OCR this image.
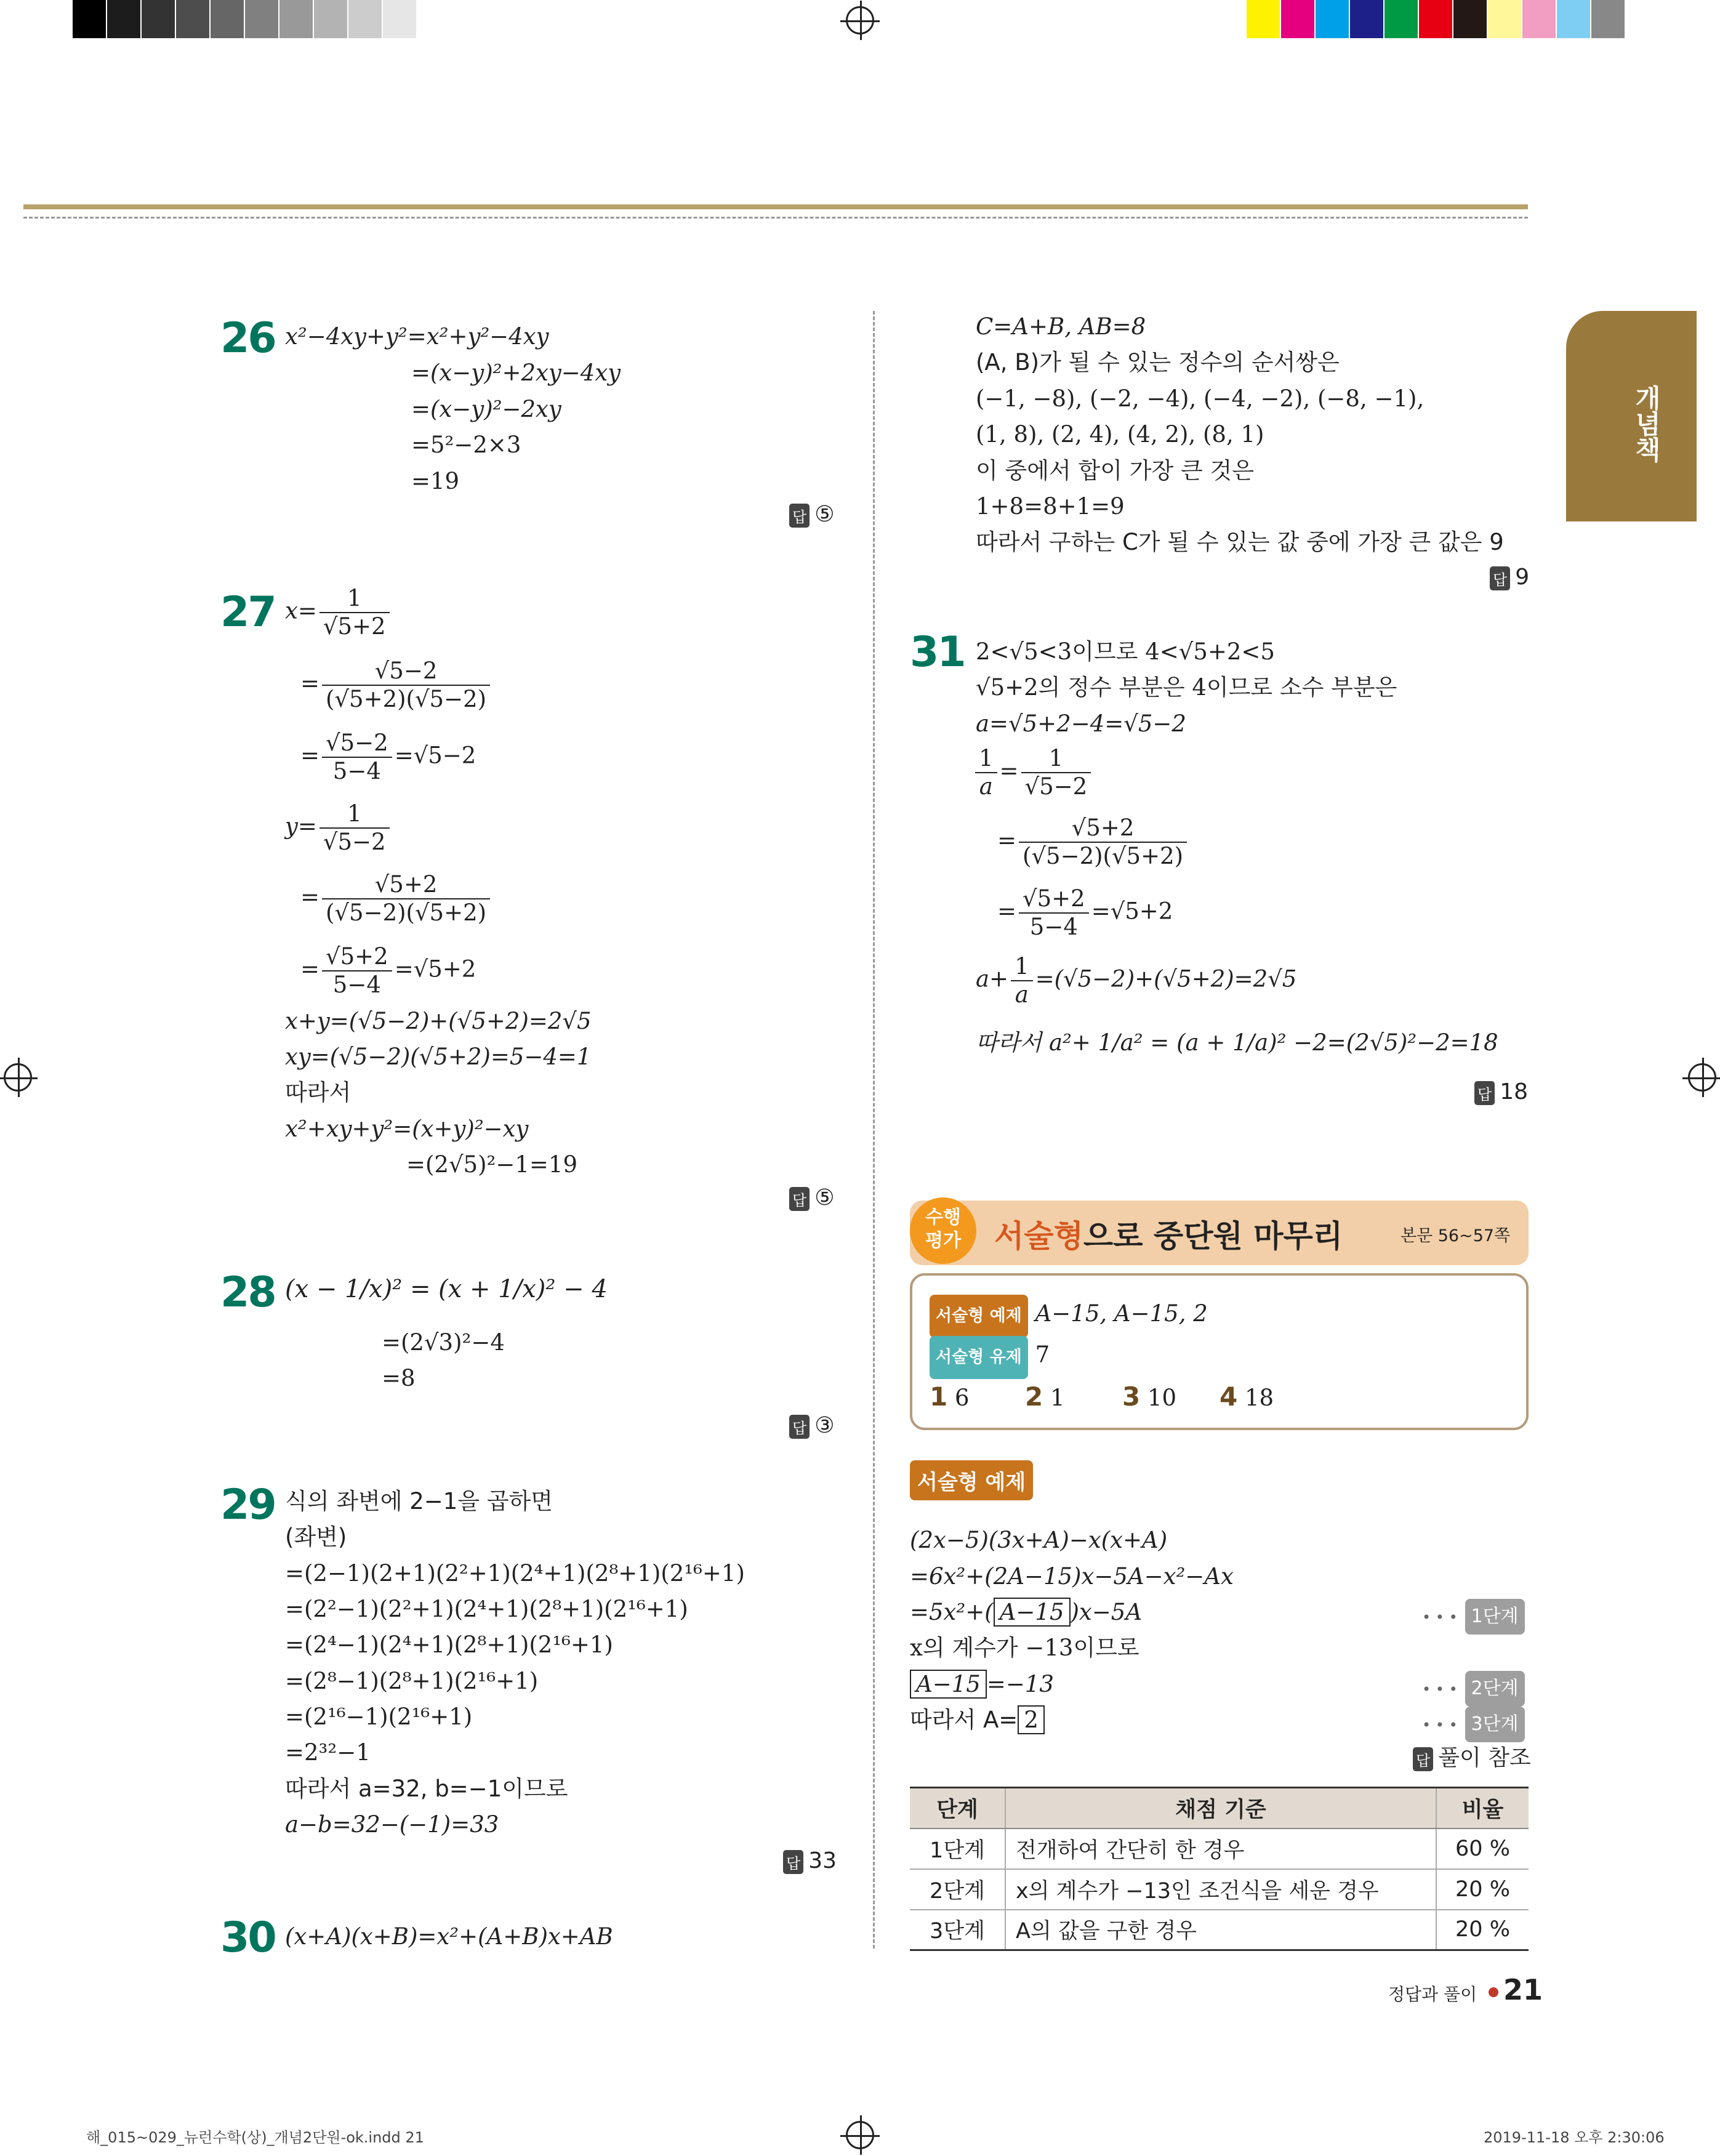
개념책
26 x²−4xy+y²=x²+y²−4xy
=(x−y)²+2xy−4xy
=(x−y)²−2xy
=5²−2×3
=19
답 ⑤
27 $x= \frac{1}{√5+2}$
= $\frac{√5-2}{(√5+2)(√5-2)}$
= $\frac{√5-2}{5-4} =√5-2$
$y= \frac{1}{√5-2}$
= $\frac{√5+2}{(√5-2)(√5+2)}$
= $\frac{√5+2}{5-4} =√5+2$
x+y=(√5−2)+(√5+2)=2√5
xy=(√5−2)(√5+2)=5−4=1
따라서
x²+xy+y²=(x+y)²−xy
=(2√5)²−1=19
답 ⑤
28 (x − 1/x)² = (x + 1/x)² − 4
=(2√3)²−4
=8
답 ③
29 식의 좌변에 2−1을 곱하면
(좌변)
=(2−1)(2+1)(2²+1)(2⁴+1)(2⁸+1)(2¹⁶+1)
=(2²−1)(2²+1)(2⁴+1)(2⁸+1)(2¹⁶+1)
=(2⁴−1)(2⁴+1)(2⁸+1)(2¹⁶+1)
=(2⁸−1)(2⁸+1)(2¹⁶+1)
=(2¹⁶−1)(2¹⁶+1)
=2³²−1
따라서 a=32, b=−1이므로
a−b=32−(−1)=33
답 33
30 (x+A)(x+B)=x²+(A+B)x+AB
C=A+B, AB=8
(A, B)가 될 수 있는 정수의 순서쌍은
(−1, −8), (−2, −4), (−4, −2), (−8, −1),
(1, 8), (2, 4), (4, 2), (8, 1)
이 중에서 합이 가장 큰 것은
1+8=8+1=9
따라서 구하는 C가 될 수 있는 값 중에 가장 큰 값은 9
답 9
31 2<√5<3이므로 4<√5+2<5
√5+2의 정수 부분은 4이므로 소수 부분은
a=√5+2−4=√5−2
$\frac{1}{a} = \frac{1}{√5-2}$
= $\frac{√5+2}{(√5-2)(√5+2)}$
= $\frac{√5+2}{5-4} =√5+2$
$a+ \frac{1}{a} =(√5-2)+(√5+2)=2√5$
따라서 a²+ 1/a² = (a + 1/a)² −2=(2√5)²−2=18
답 18
수행
평가	서술형으로 중단원 마무리	본문 56~57쪽
서술형 예제 A−15, A−15, 2
서술형 유제 7
1 6 2 1 3 10 4 18
서술형 예제
(2x−5)(3x+A)−x(x+A)
=6x²+(2A−15)x−5A−x²−Ax
=5x²+( A−15 )x−5A
x의 계수가 −13이므로
A−15 =−13
따라서 A= 2
• • • 1단계
• • • 2단계
• • • 3단계
답 풀이 참조
단계	채점 기준	비율
1단계	전개하여 간단히 한 경우	60 %
2단계	x의 계수가 −13인 조건식을 세운 경우	20 %
3단계	A의 값을 구한 경우	20 %
정답과 풀이 21
해_015~029_뉴런수학(상)_개념2단원-ok.indd 21	2019-11-18 오후 2:30:06
